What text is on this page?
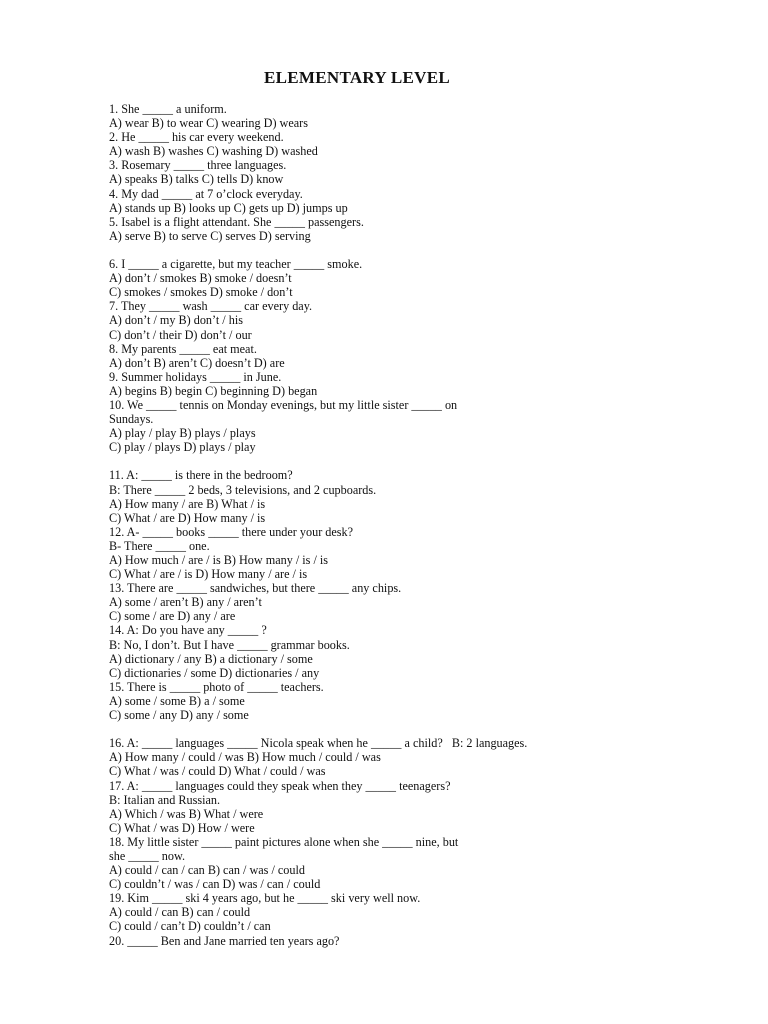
ELEMENTARY LEVEL
1. She _____ a uniform.
A) wear B) to wear C) wearing D) wears
2. He _____ his car every weekend.
A) wash B) washes C) washing D) washed
3. Rosemary _____ three languages.
A) speaks B) talks C) tells D) know
4. My dad _____ at 7 o’clock everyday.
A) stands up B) looks up C) gets up D) jumps up
5. Isabel is a flight attendant. She _____ passengers.
A) serve B) to serve C) serves D) serving
6. I _____ a cigarette, but my teacher _____ smoke.
A) don’t / smokes B) smoke / doesn’t
C) smokes / smokes D) smoke / don’t
7. They _____ wash _____ car every day.
A) don’t / my B) don’t / his
C) don’t / their D) don’t / our
8. My parents _____ eat meat.
A) don’t B) aren’t C) doesn’t D) are
9. Summer holidays _____ in June.
A) begins B) begin C) beginning D) began
10. We _____ tennis on Monday evenings, but my little sister _____ on
Sundays.
A) play / play B) plays / plays
C) play / plays D) plays / play
11. A: _____ is there in the bedroom?
B: There _____ 2 beds, 3 televisions, and 2 cupboards.
A) How many / are B) What / is
C) What / are D) How many / is
12. A- _____ books _____ there under your desk?
B- There _____ one.
A) How much / are / is B) How many / is / is
C) What / are / is D) How many / are / is
13. There are _____ sandwiches, but there _____ any chips.
A) some / aren’t B) any / aren’t
C) some / are D) any / are
14. A: Do you have any _____ ?
B: No, I don’t. But I have _____ grammar books.
A) dictionary / any B) a dictionary / some
C) dictionaries / some D) dictionaries / any
15. There is _____ photo of _____ teachers.
A) some / some B) a / some
C) some / any D) any / some
16. A: _____ languages _____ Nicola speak when he _____ a child?   B: 2 languages.
A) How many / could / was B) How much / could / was
C) What / was / could D) What / could / was
17. A: _____ languages could they speak when they _____ teenagers?
B: Italian and Russian.
A) Which / was B) What / were
C) What / was D) How / were
18. My little sister _____ paint pictures alone when she _____ nine, but
she _____ now.
A) could / can / can B) can / was / could
C) couldn’t / was / can D) was / can / could
19. Kim _____ ski 4 years ago, but he _____ ski very well now.
A) could / can B) can / could
C) could / can’t D) couldn’t / can
20. _____ Ben and Jane married ten years ago?
